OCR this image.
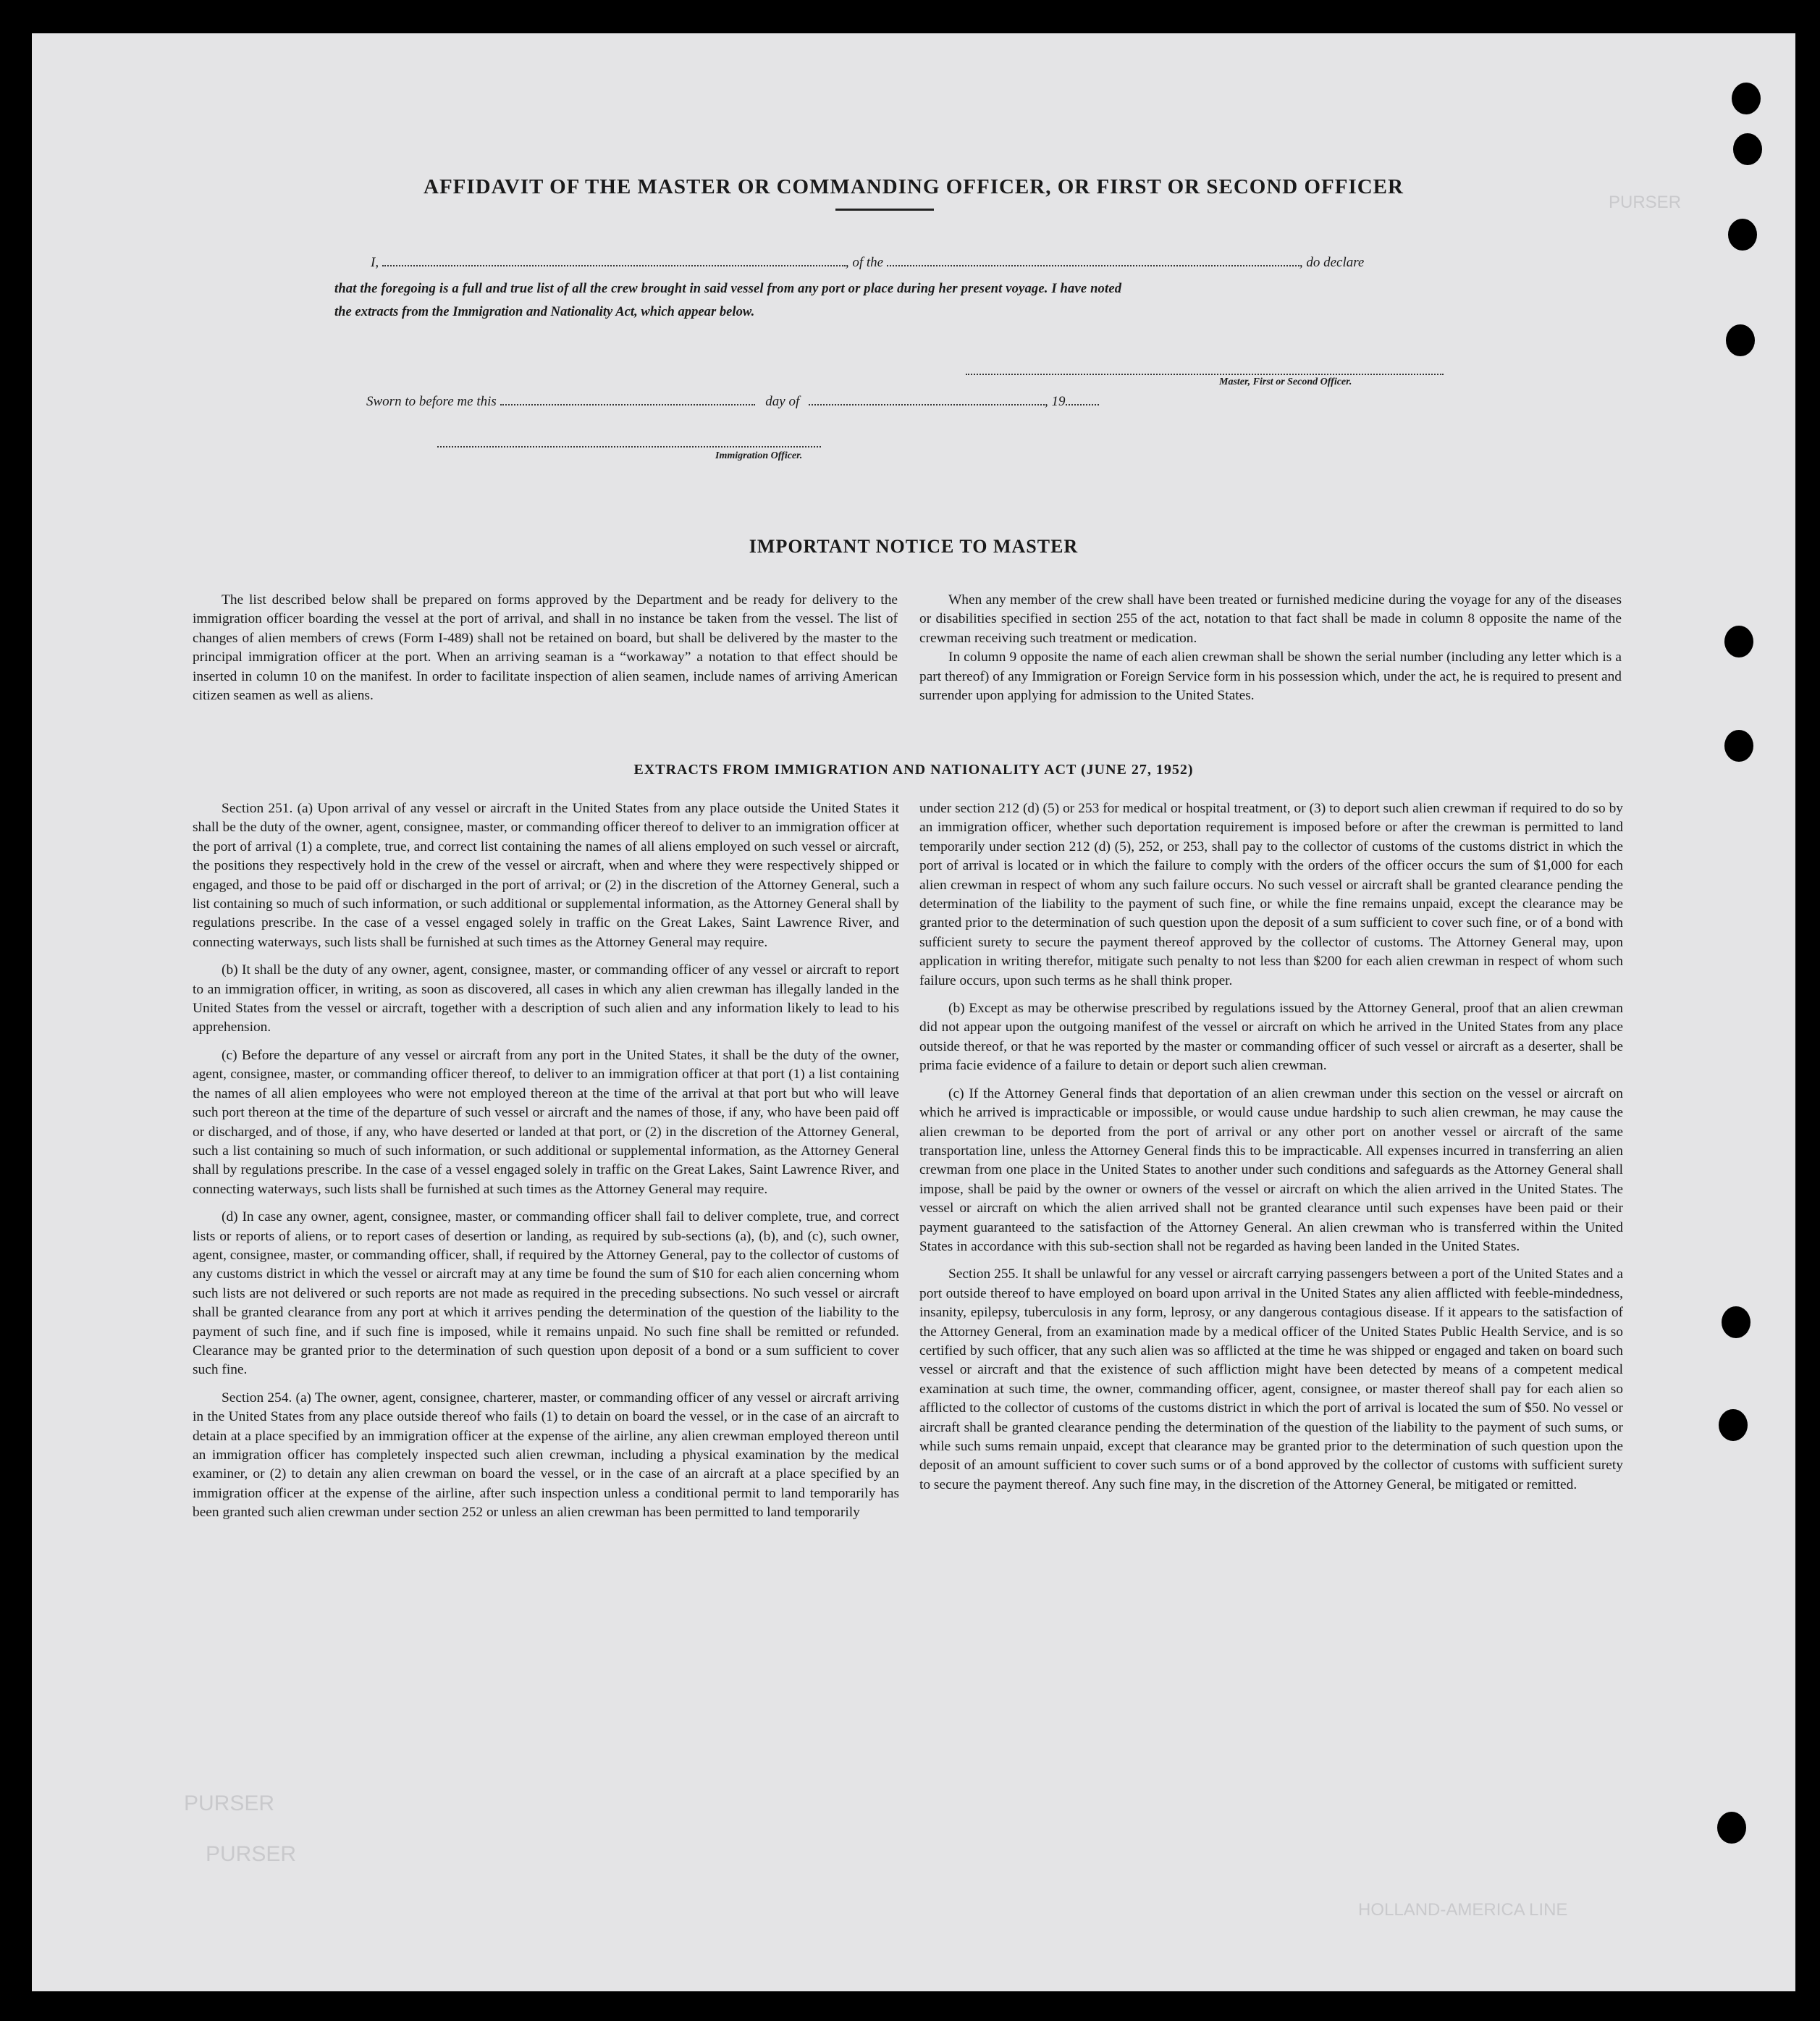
PURSER
PURSER
PURSER
HOLLAND-AMERICA LINE
AFFIDAVIT OF THE MASTER OR COMMANDING OFFICER, OR FIRST OR SECOND OFFICER
I,	, of the	, do declare
that the foregoing is a full and true list of all the crew brought in said vessel from any port or place during her present voyage. I have noted
the extracts from the Immigration and Nationality Act, which appear below.
Master, First or Second Officer.
Sworn to before me this	day of	, 19
Immigration Officer.
IMPORTANT NOTICE TO MASTER

The list described below shall be prepared on forms approved by the Department and be ready for delivery to the immigration officer boarding the vessel at the port of arrival, and shall in no instance be taken from the vessel. The list of changes of alien members of crews (Form I-489) shall not be retained on board, but shall be delivered by the master to the principal immigration officer at the port. When an arriving seaman is a “workaway” a notation to that effect should be inserted in column 10 on the manifest. In order to facilitate inspection of alien seamen, include names of arriving American citizen seamen as well as aliens.

When any member of the crew shall have been treated or furnished medicine during the voyage for any of the diseases or disabilities specified in section 255 of the act, notation to that fact shall be made in column 8 opposite the name of the crewman receiving such treatment or medication.

In column 9 opposite the name of each alien crewman shall be shown the serial number (including any letter which is a part thereof) of any Immigration or Foreign Service form in his possession which, under the act, he is required to present and surrender upon applying for admission to the United States.

EXTRACTS FROM IMMIGRATION AND NATIONALITY ACT (JUNE 27, 1952)

Section 251. (a) Upon arrival of any vessel or aircraft in the United States from any place outside the United States it shall be the duty of the owner, agent, consignee, master, or commanding officer thereof to deliver to an immigration officer at the port of arrival (1) a complete, true, and correct list containing the names of all aliens employed on such vessel or aircraft, the positions they respectively hold in the crew of the vessel or aircraft, when and where they were respectively shipped or engaged, and those to be paid off or discharged in the port of arrival; or (2) in the discretion of the Attorney General, such a list containing so much of such information, or such additional or supplemental information, as the Attorney General shall by regulations prescribe. In the case of a vessel engaged solely in traffic on the Great Lakes, Saint Lawrence River, and connecting waterways, such lists shall be furnished at such times as the Attorney General may require.

(b) It shall be the duty of any owner, agent, consignee, master, or commanding officer of any vessel or aircraft to report to an immigration officer, in writing, as soon as discovered, all cases in which any alien crewman has illegally landed in the United States from the vessel or aircraft, together with a description of such alien and any information likely to lead to his apprehension.

(c) Before the departure of any vessel or aircraft from any port in the United States, it shall be the duty of the owner, agent, consignee, master, or commanding officer thereof, to deliver to an immigration officer at that port (1) a list containing the names of all alien employees who were not employed thereon at the time of the arrival at that port but who will leave such port thereon at the time of the departure of such vessel or aircraft and the names of those, if any, who have been paid off or discharged, and of those, if any, who have deserted or landed at that port, or (2) in the discretion of the Attorney General, such a list containing so much of such information, or such additional or supplemental information, as the Attorney General shall by regulations prescribe. In the case of a vessel engaged solely in traffic on the Great Lakes, Saint Lawrence River, and connecting waterways, such lists shall be furnished at such times as the Attorney General may require.

(d) In case any owner, agent, consignee, master, or commanding officer shall fail to deliver complete, true, and correct lists or reports of aliens, or to report cases of desertion or landing, as required by sub-sections (a), (b), and (c), such owner, agent, consignee, master, or commanding officer, shall, if required by the Attorney General, pay to the collector of customs of any customs district in which the vessel or aircraft may at any time be found the sum of $10 for each alien concerning whom such lists are not delivered or such reports are not made as required in the preceding subsections. No such vessel or aircraft shall be granted clearance from any port at which it arrives pending the determination of the question of the liability to the payment of such fine, and if such fine is imposed, while it remains unpaid. No such fine shall be remitted or refunded. Clearance may be granted prior to the determination of such question upon deposit of a bond or a sum sufficient to cover such fine.

Section 254. (a) The owner, agent, consignee, charterer, master, or commanding officer of any vessel or aircraft arriving in the United States from any place outside thereof who fails (1) to detain on board the vessel, or in the case of an aircraft to detain at a place specified by an immigration officer at the expense of the airline, any alien crewman employed thereon until an immigration officer has completely inspected such alien crewman, including a physical examination by the medical examiner, or (2) to detain any alien crewman on board the vessel, or in the case of an aircraft at a place specified by an immigration officer at the expense of the airline, after such inspection unless a conditional permit to land temporarily has been granted such alien crewman under section 252 or unless an alien crewman has been permitted to land temporarily

under section 212 (d) (5) or 253 for medical or hospital treatment, or (3) to deport such alien crewman if required to do so by an immigration officer, whether such deportation requirement is imposed before or after the crewman is permitted to land temporarily under section 212 (d) (5), 252, or 253, shall pay to the collector of customs of the customs district in which the port of arrival is located or in which the failure to comply with the orders of the officer occurs the sum of $1,000 for each alien crewman in respect of whom any such failure occurs. No such vessel or aircraft shall be granted clearance pending the determination of the liability to the payment of such fine, or while the fine remains unpaid, except the clearance may be granted prior to the determination of such question upon the deposit of a sum sufficient to cover such fine, or of a bond with sufficient surety to secure the payment thereof approved by the collector of customs. The Attorney General may, upon application in writing therefor, mitigate such penalty to not less than $200 for each alien crewman in respect of whom such failure occurs, upon such terms as he shall think proper.

(b) Except as may be otherwise prescribed by regulations issued by the Attorney General, proof that an alien crewman did not appear upon the outgoing manifest of the vessel or aircraft on which he arrived in the United States from any place outside thereof, or that he was reported by the master or commanding officer of such vessel or aircraft as a deserter, shall be prima facie evidence of a failure to detain or deport such alien crewman.

(c) If the Attorney General finds that deportation of an alien crewman under this section on the vessel or aircraft on which he arrived is impracticable or impossible, or would cause undue hardship to such alien crewman, he may cause the alien crewman to be deported from the port of arrival or any other port on another vessel or aircraft of the same transportation line, unless the Attorney General finds this to be impracticable. All expenses incurred in transferring an alien crewman from one place in the United States to another under such conditions and safeguards as the Attorney General shall impose, shall be paid by the owner or owners of the vessel or aircraft on which the alien arrived in the United States. The vessel or aircraft on which the alien arrived shall not be granted clearance until such expenses have been paid or their payment guaranteed to the satisfaction of the Attorney General. An alien crewman who is transferred within the United States in accordance with this sub-section shall not be regarded as having been landed in the United States.

Section 255. It shall be unlawful for any vessel or aircraft carrying passengers between a port of the United States and a port outside thereof to have employed on board upon arrival in the United States any alien afflicted with feeble-mindedness, insanity, epilepsy, tuberculosis in any form, leprosy, or any dangerous contagious disease. If it appears to the satisfaction of the Attorney General, from an examination made by a medical officer of the United States Public Health Service, and is so certified by such officer, that any such alien was so afflicted at the time he was shipped or engaged and taken on board such vessel or aircraft and that the existence of such affliction might have been detected by means of a competent medical examination at such time, the owner, commanding officer, agent, consignee, or master thereof shall pay for each alien so afflicted to the collector of customs of the customs district in which the port of arrival is located the sum of $50. No vessel or aircraft shall be granted clearance pending the determination of the question of the liability to the payment of such sums, or while such sums remain unpaid, except that clearance may be granted prior to the determination of such question upon the deposit of an amount sufficient to cover such sums or of a bond approved by the collector of customs with sufficient surety to secure the payment thereof. Any such fine may, in the discretion of the Attorney General, be mitigated or remitted.
